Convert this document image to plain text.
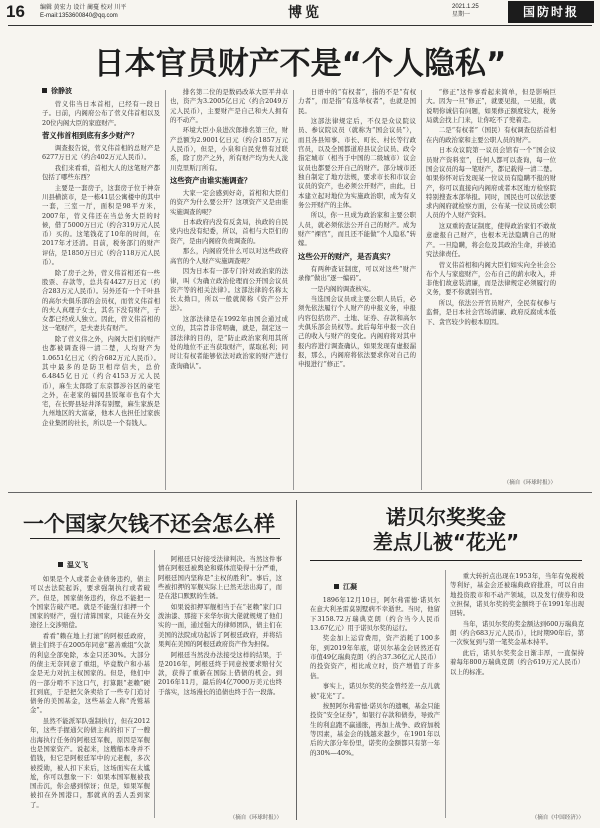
16	编辑 黄宏力 设计 蔺蔓 校对 川平
E-mail:1353600840@qq.com	博览	2021.1.25
星期一	国防时报
日本官员财产不是“个人隐私”
徐静波

菅义伟当日本首相，已经有一段日子。日前，内阁府公布了菅义伟首相以及20位内阁大臣的家庭财产。

菅义伟首相到底有多少财产？

调查报告说，菅义伟首相的总财产是6277万日元（约合402万元人民币）。

我们来看看，首相大人的这笔财产都包括了哪些东西？

主要是一套房子，这套房子位于神奈川县横滨市，是一栋41层公寓楼中的其中一套，三室一厅，面积是98平方米，2007年，菅义伟还在当总务大臣的时候，借了5000万日元（约合319万元人民币）买的。这笔钱花了10年的时间，在2017年才还清。目前，税务部门的财产评估，是1850万日元（约合118万元人民币）。

除了房子之外，菅义伟首相还有一些股票、存款等，总共有4427万日元（约合283万元人民币）。另外还有一个千叶县的高尔夫俱乐部的会员权，而菅义伟首相的夫人真理子女士，其名下没有财产，子女都已经成人独立。因此，菅义伟首相的这一笔财产，是夫妻共有财产。

除了菅义伟之外，内阁大臣们的财产也都被调查得一清二楚，人均财产为1.0651亿日元（约合682万元人民币）。其中最多的是防卫相岸信夫，总价6.4845亿日元（约合4153万元人民币），麻生太郎除了东京都涉谷区的豪宅之外，在老家的福冈县饭塚市也有个大宅，在长野县轻井泽有别墅，麻生家族是九州地区的大富豪，他本人也担任过家族企业集团的社长，所以是一个有钱人。

排名第二位的是数码改革大臣平井卓也，资产为3.2005亿日元（约合2049万元人民币），主要财产是自己和夫人拥有的不动产。

环境大臣小泉进次郎排名第三位，财产总额为2.9001亿日元（约合1857万元人民币），但是，小泉和自民党曾有过联系，除了房产之外，所有财产均为夫人泷川克里斯汀所有。

这些资产由谁实施调查？

大家一定会感到好奇，首相和大臣们的资产为什么要公开？这项资产又是由谁实施调查的呢？

日本政府内没有反贪局，执政的自民党内也没有纪委，所以，首相与大臣们的资产，是由内阁府负责调查的。

那么，内阁府凭什么可以对这些政府高官的个人财产实施调查呢？

因为日本有一部专门针对政治家的法律，叫《为确立政治伦理而公开国会议员资产等的相关法律》。这部法律的名称太长太拗口，所以一般就简称《资产公开法》。

这部法律是在1992年由国会通过成立的，其宗旨非常明确，就是，制定这一部法律的目的，是“防止政治家利用其所处的地位不正当获取财产，谋取私利；同时让有权者能够依法对政治家的财产进行查询确认”。

日语中的“有权者”，指的不是“有权力者”，而是指“有选举权者”，也就是国民。

这部法律规定后，不仅是众议院议员、参议院议员（就称为“国会议员”），而且各县知事、市长、町长、村长等行政官员，以及全国都道府县议会议员、政令指定城市（相当于中国的二级城市）议会议员也都要公开自己的财产。部分城市还独自制定了地方法规，要求市长和市议会议员的资产，也必须公开财产，由此，日本建立起对地位为实施政治职，成为有义务公开财产的主体。

所以，你一旦成为政治家和主要公职人员，就必须依法公开自己的财产。成为财产“裸官”，而且还不能做“个人隐私”转嫁。

这些公开的财产，是否真实？

有两种查证制度，可以对这些“财产录像”做出“逐一编码”。

一是内阁的调查核实。

当选国会议员或主要公职人员后，必须先依法履行个人财产的申报义务，申报内容包括房产、土地、证券、存款和高尔夫俱乐部会员权等。此后每年申报一次自己的收入与财产的变化。内阁府将对其申报内容进行调查确认，如果发现有虚报漏报，那么，内阁府将依法要求你对自己的申报进行“修正”。

“修正”这件事看起来简单，但是影响巨大。因为一旦“修正”，就要见报，一见报，就说明你诚信有问题，如果修正额度较大，税务局就会找上门来，让你吃不了兜着走。

二是“有权者”（国民）有权调查包括首相在内的政治家和主要公职人员的财产。

日本众议院第一议员会馆有一个“国会议员财产资料室”，任何人都可以查询，每一位国会议员的每一笔财产，都记载得一清二楚。如果你怀对后发现某一位议员有隐瞒不报的财产，你可以直接向内阁府或者本区地方检察院特别搜查本部举报。同时，国民也可以依法要求内阁府就检察方面，公布某一位议员或公职人员的个人财产资料。

这双重的查证制度，使得政治家们不敢故意虚报自己财产，也根本无法隐瞒自己的财产。一旦隐瞒，将会危及其政治生命，并被追究法律责任。

菅义伟首相和内阁大臣们如实向全社会公布个人与家庭财产，公布自己的薪水收入，并非他们故意装清廉，而是法律规定必须履行的义务，要不你就别当官。

所以，依法公开官员财产，全民有权参与监督，是日本社会官场清廉、政府反腐成本低下、贪官较少的根本原因。

（摘自《环球时报》）
一个国家欠钱不还会怎么样
温义飞

如果是个人或者企业债务违约，债主可以去法院起诉，要求强制执行或者破产。但是，国家债务违约，你总不能把一个国家告破产吧。就是不能强行扣押一个国家的财产，强行清算国家，只能在外交途径上交涉赔偿。

看看“赖在地上打滚”的阿根廷政府，债主们终于在2005年同意“慈善重组”欠款的利息全部免除，本金只还30%。大部分的债主无奈同意了重组，毕竟数户和小基金是无力对抗主权国家的。但是，他们中的一部分啃不下这口气，打算跟“老赖”硬扛到底，于是把欠条卖给了一些专门追讨债务的美国基金，这些基金人称“秃鹫基金”。

虽然不能派军队强制执行，但在2012年，这些手握通欠的债主真的扣下了一艘出海执行任务的阿根廷军舰，原因是军舰也是国家资产。说起来，这艘船本身并不值钱，但它是阿根廷军中的元老舰，多次被授勋，被人扣下来后，这场面实在太尴尬，你可以想象一下：如果本国军舰被我国击沉，你会感到惊讶；但是，如果军舰被扣在外国港口，那就真的丢人丢到家了。

阿根廷只好接受法律判决。当然这件事情在阿根廷被舆论和媒体渲染得十分严重，阿根廷国内坚称是“主权的胜利”。事后，这些被扣押的军舰实际上已然无法出海了，而是在港口默默的生锈。

如果说扣押军舰相当于在“老赖”家门口泼油漆、那接下来华尔街大佬就规规了他们实的一面，通过强大的律师团队，债主们在美国的法院成功起诉了阿根廷政府，并将结果判在美国的阿根廷政府资产作为担保。

阿根廷当然没办法接受这样的结果，于是2016年，阿根廷终于同意按要求赔付欠款，获得了重新在国际上借债的机会。到2016年11月，最后的4亿7000万美元也终于落实，这场漫长的追债也终于告一段落。

（摘自《环球时报》）
诺贝尔奖奖金
差点儿被“花光”
江凝

1896年12月10日，阿尔弗雷德·诺贝尔在意大利圣雷莫别墅病不幸逝世。当时，他留下3158.72万瑞典克朗（约合当今人民币13.67亿元）用于诺贝尔奖的运行。

奖金加上运营费用，资产消耗了100多年，到2019年年底，诺贝尔基金会居然还有市值49亿瑞典克朗（约合37.36亿元人民币）的投资资产，相比成立时，资产增值了许多倍。

事实上，诺贝尔奖的奖金曾经差一点儿就被“花光”了。

按照阿尔弗雷德·诺贝尔的遗嘱，基金只能投资“安全证券”，如银行存款和债券，导致产生的利息跑不赢通胀，再加上战争、政府加税等因素，基金会的钱越来越少，在1901年以后的大部分年份里，诺奖的金额都只有第一年的30%—40%。

重大转折点出现在1953年，当年有免税税等利好，基金会还被瑞典政府批准，可以自由地投资股市和不动产领域，以及发行债券和设立担保，诺贝尔奖的奖金额终于在1991年出现回转。

当年，诺贝尔奖的奖金额达到600万瑞典克朗（约合683万元人民币），比时期90年后，第一次恢复到与第一笔奖金基本持平。

此后，诺贝尔奖奖金日渐丰厚，一直保持着每年800万瑞典克朗（约合619万元人民币）以上的标准。

（摘自《中国经济》）
